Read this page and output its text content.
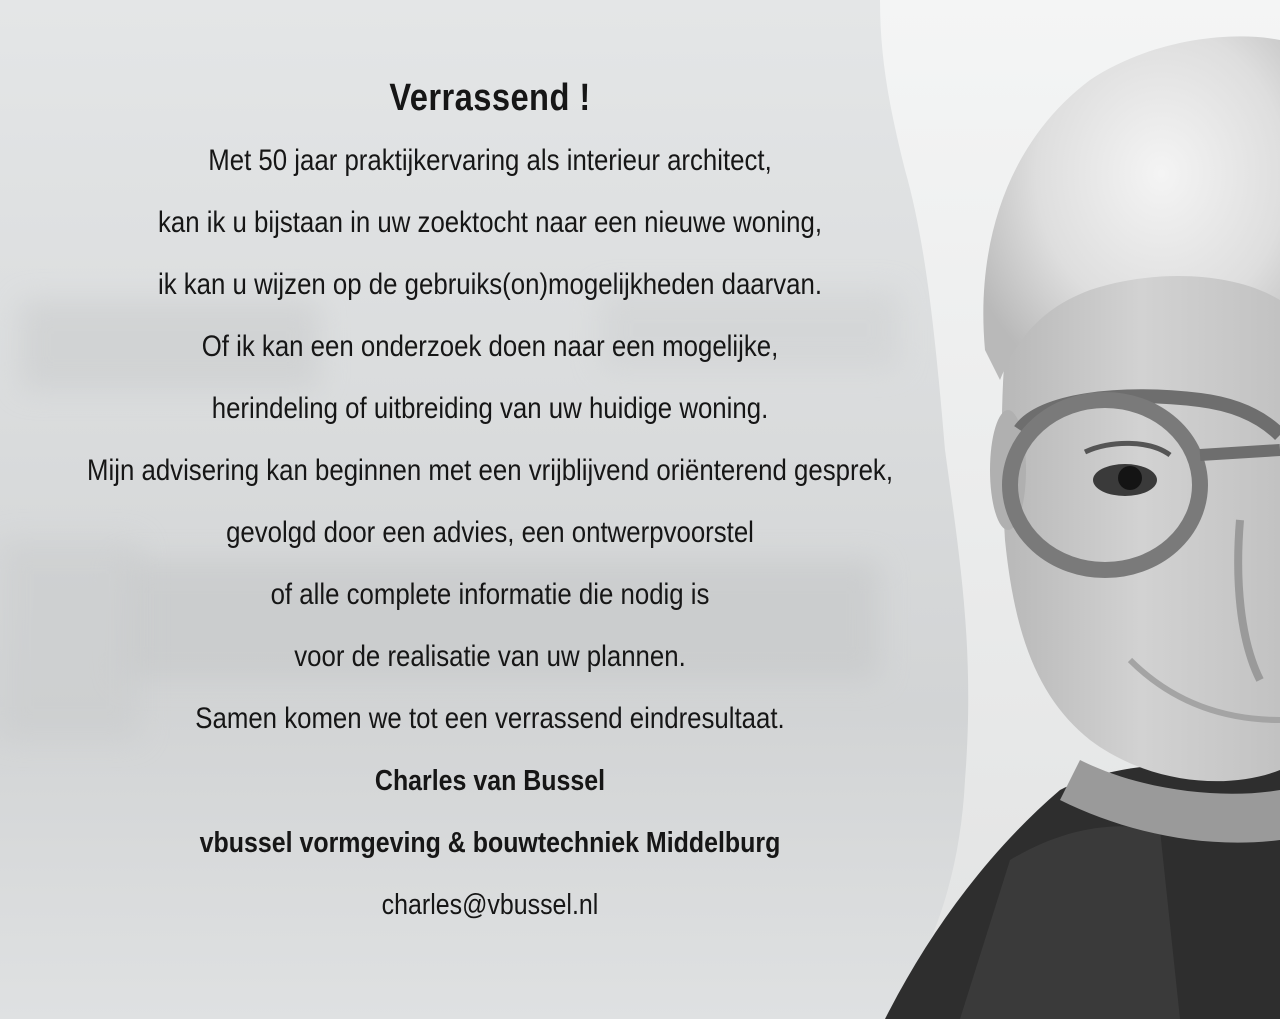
Verrassend !

Met 50 jaar praktijkervaring als interieur architect,

kan ik u bijstaan in uw zoektocht naar een nieuwe woning,

ik kan u wijzen op de gebruiks(on)mogelijkheden daarvan.

Of ik kan een onderzoek doen naar een mogelijke,

herindeling of uitbreiding van uw huidige woning.

Mijn advisering kan beginnen met een vrijblijvend oriënterend gesprek,

gevolgd door een advies, een ontwerpvoorstel

of alle complete informatie die nodig is

voor de realisatie van uw plannen.

Samen komen we tot een verrassend eindresultaat.

Charles van Bussel

vbussel vormgeving & bouwtechniek Middelburg

charles@vbussel.nl
